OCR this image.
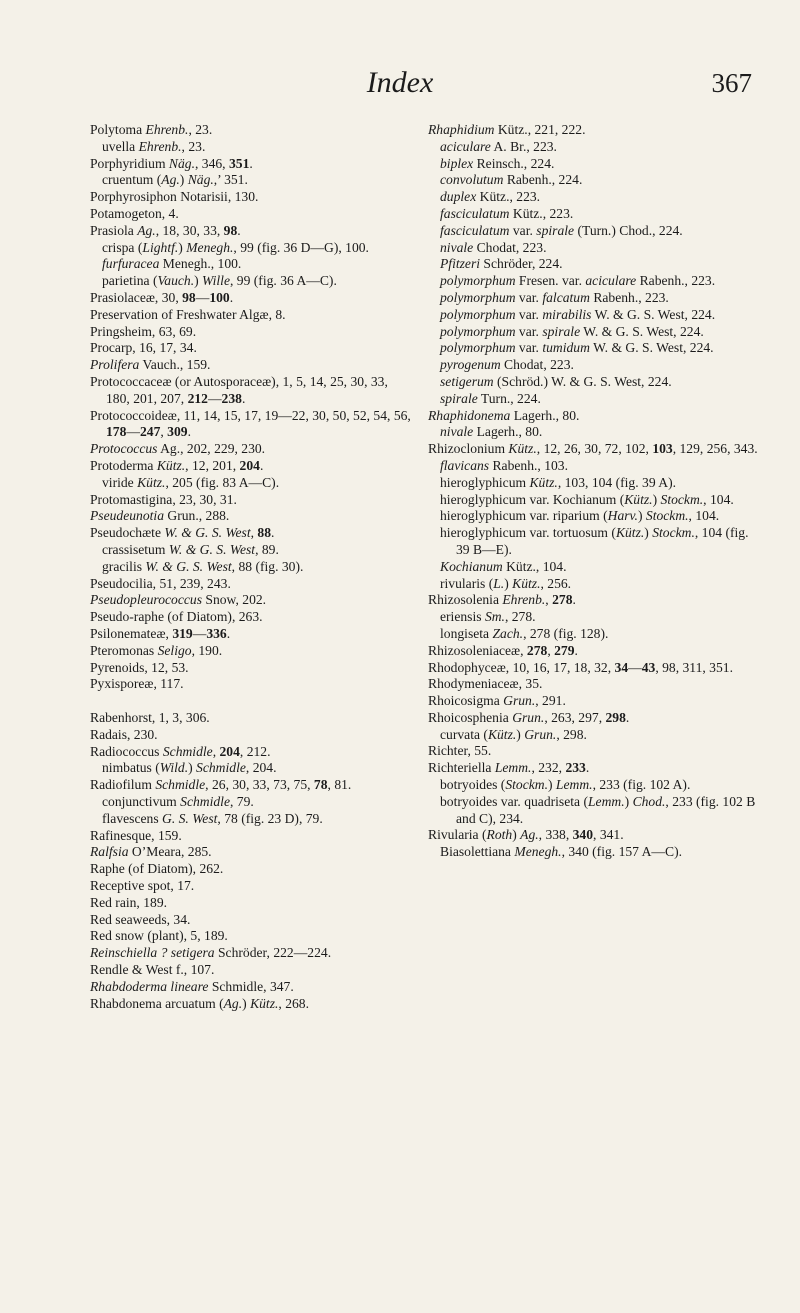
Index	367
Polytoma Ehrenb., 23.
uvella Ehrenb., 23.
Porphyridium Näg., 346, 351.
cruentum (Ag.) Näg.,’ 351.
Porphyrosiphon Notarisii, 130.
Potamogeton, 4.
Prasiola Ag., 18, 30, 33, 98.
crispa (Lightf.) Menegh., 99 (fig. 36 D—G), 100.
furfuracea Menegh., 100.
parietina (Vauch.) Wille, 99 (fig. 36 A—C).
Prasiolaceæ, 30, 98—100.
Preservation of Freshwater Algæ, 8.
Pringsheim, 63, 69.
Procarp, 16, 17, 34.
Prolifera Vauch., 159.
Protococcaceæ (or Autosporaceæ), 1, 5, 14, 25, 30, 33, 180, 201, 207, 212—238.
Protococcoideæ, 11, 14, 15, 17, 19—22, 30, 50, 52, 54, 56, 178—247, 309.
Protococcus Ag., 202, 229, 230.
Protoderma Kütz., 12, 201, 204.
viride Kütz., 205 (fig. 83 A—C).
Protomastigina, 23, 30, 31.
Pseudeunotia Grun., 288.
Pseudochæte W. & G. S. West, 88.
crassisetum W. & G. S. West, 89.
gracilis W. & G. S. West, 88 (fig. 30).
Pseudocilia, 51, 239, 243.
Pseudopleurococcus Snow, 202.
Pseudo-raphe (of Diatom), 263.
Psilonemateæ, 319—336.
Pteromonas Seligo, 190.
Pyrenoids, 12, 53.
Pyxisporeæ, 117.
Rabenhorst, 1, 3, 306.
Radais, 230.
Radiococcus Schmidle, 204, 212.
nimbatus (Wild.) Schmidle, 204.
Radiofilum Schmidle, 26, 30, 33, 73, 75, 78, 81.
conjunctivum Schmidle, 79.
flavescens G. S. West, 78 (fig. 23 D), 79.
Rafinesque, 159.
Ralfsia O’Meara, 285.
Raphe (of Diatom), 262.
Receptive spot, 17.
Red rain, 189.
Red seaweeds, 34.
Red snow (plant), 5, 189.
Reinschiella ? setigera Schröder, 222—224.
Rendle & West f., 107.
Rhabdoderma lineare Schmidle, 347.
Rhabdonema arcuatum (Ag.) Kütz., 268.
Rhaphidium Kütz., 221, 222.
aciculare A. Br., 223.
biplex Reinsch., 224.
convolutum Rabenh., 224.
duplex Kütz., 223.
fasciculatum Kütz., 223.
fasciculatum var. spirale (Turn.) Chod., 224.
nivale Chodat, 223.
Pfitzeri Schröder, 224.
polymorphum Fresen. var. aciculare Rabenh., 223.
polymorphum var. falcatum Rabenh., 223.
polymorphum var. mirabilis W. & G. S. West, 224.
polymorphum var. spirale W. & G. S. West, 224.
polymorphum var. tumidum W. & G. S. West, 224.
pyrogenum Chodat, 223.
setigerum (Schröd.) W. & G. S. West, 224.
spirale Turn., 224.
Rhaphidonema Lagerh., 80.
nivale Lagerh., 80.
Rhizoclonium Kütz., 12, 26, 30, 72, 102, 103, 129, 256, 343.
flavicans Rabenh., 103.
hieroglyphicum Kütz., 103, 104 (fig. 39 A).
hieroglyphicum var. Kochianum (Kütz.) Stockm., 104.
hieroglyphicum var. riparium (Harv.) Stockm., 104.
hieroglyphicum var. tortuosum (Kütz.) Stockm., 104 (fig. 39 B—E).
Kochianum Kütz., 104.
rivularis (L.) Kütz., 256.
Rhizosolenia Ehrenb., 278.
eriensis Sm., 278.
longiseta Zach., 278 (fig. 128).
Rhizosoleniaceæ, 278, 279.
Rhodophyceæ, 10, 16, 17, 18, 32, 34—43, 98, 311, 351.
Rhodymeniaceæ, 35.
Rhoicosigma Grun., 291.
Rhoicosphenia Grun., 263, 297, 298.
curvata (Kütz.) Grun., 298.
Richter, 55.
Richteriella Lemm., 232, 233.
botryoides (Stockm.) Lemm., 233 (fig. 102 A).
botryoides var. quadriseta (Lemm.) Chod., 233 (fig. 102 B and C), 234.
Rivularia (Roth) Ag., 338, 340, 341.
Biasolettiana Menegh., 340 (fig. 157 A—C).
